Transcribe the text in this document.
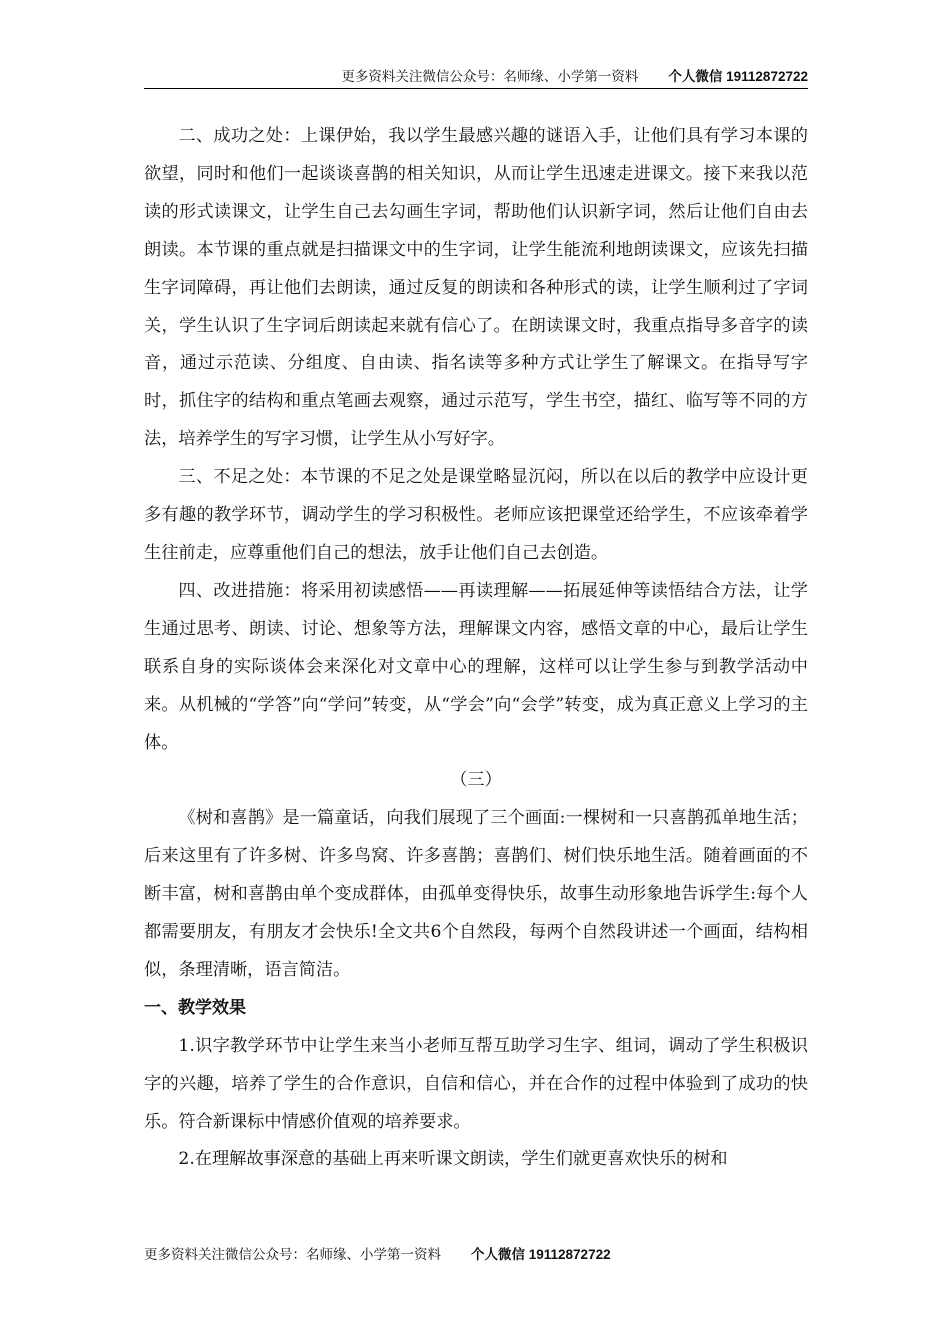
更多资料关注微信公众号：名师缘、小学第一资料 个人微信 19112872722

二、成功之处：上课伊始，我以学生最感兴趣的谜语入手，让他们具有学习本课的欲望，同时和他们一起谈谈喜鹊的相关知识，从而让学生迅速走进课文。接下来我以范读的形式读课文，让学生自己去勾画生字词，帮助他们认识新字词，然后让他们自由去朗读。本节课的重点就是扫描课文中的生字词，让学生能流利地朗读课文，应该先扫描生字词障碍，再让他们去朗读，通过反复的朗读和各种形式的读，让学生顺利过了字词关，学生认识了生字词后朗读起来就有信心了。在朗读课文时，我重点指导多音字的读音，通过示范读、分组度、自由读、指名读等多种方式让学生了解课文。在指导写字时，抓住字的结构和重点笔画去观察，通过示范写，学生书空，描红、临写等不同的方法，培养学生的写字习惯，让学生从小写好字。

三、不足之处：本节课的不足之处是课堂略显沉闷，所以在以后的教学中应设计更多有趣的教学环节，调动学生的学习积极性。老师应该把课堂还给学生，不应该牵着学生往前走，应尊重他们自己的想法，放手让他们自己去创造。

四、改进措施：将采用初读感悟——再读理解——拓展延伸等读悟结合方法，让学生通过思考、朗读、讨论、想象等方法，理解课文内容，感悟文章的中心，最后让学生联系自身的实际谈体会来深化对文章中心的理解，这样可以让学生参与到教学活动中来。从机械的“学答”向“学问”转变，从“学会”向“会学”转变，成为真正意义上学习的主体。

（三）

《树和喜鹊》是一篇童话，向我们展现了三个画面:一棵树和一只喜鹊孤单地生活；后来这里有了许多树、许多鸟窝、许多喜鹊；喜鹊们、树们快乐地生活。随着画面的不断丰富，树和喜鹊由单个变成群体，由孤单变得快乐，故事生动形象地告诉学生:每个人都需要朋友，有朋友才会快乐!全文共6个自然段，每两个自然段讲述一个画面，结构相似，条理清晰，语言简洁。

一、教学效果

1.识字教学环节中让学生来当小老师互帮互助学习生字、组词，调动了学生积极识字的兴趣，培养了学生的合作意识，自信和信心，并在合作的过程中体验到了成功的快乐。符合新课标中情感价值观的培养要求。

2.在理解故事深意的基础上再来听课文朗读，学生们就更喜欢快乐的树和

更多资料关注微信公众号：名师缘、小学第一资料 个人微信 19112872722
